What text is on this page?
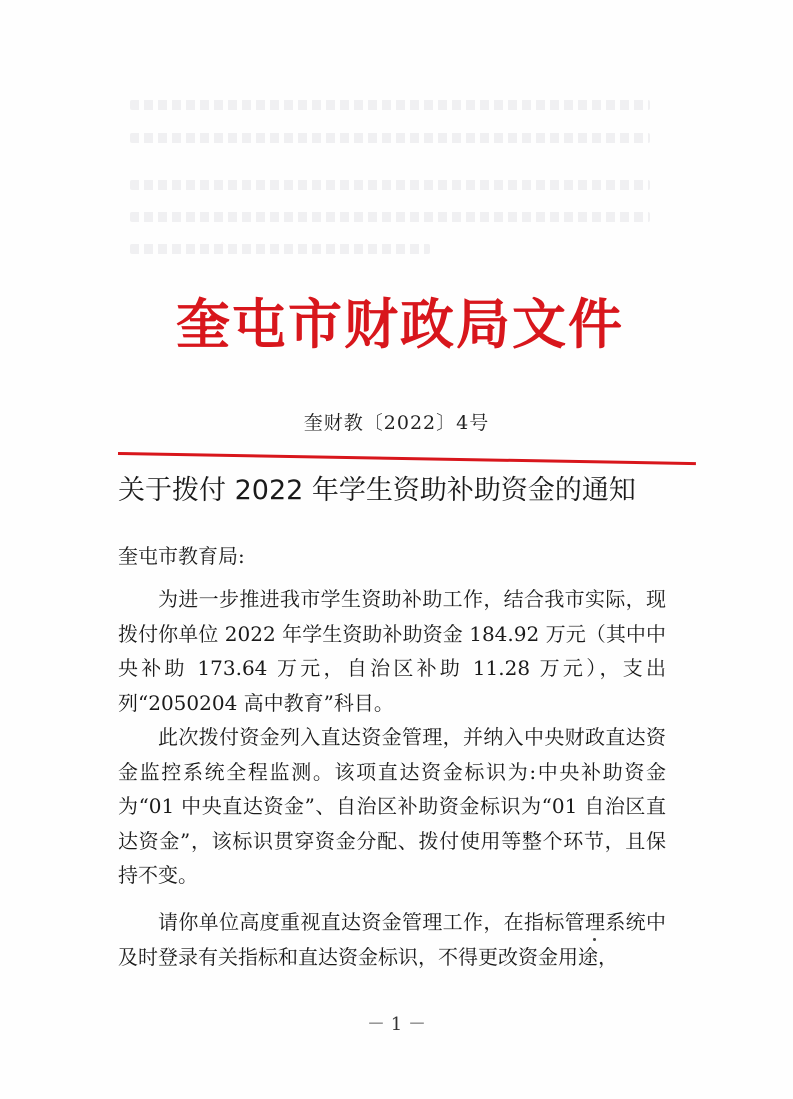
奎屯市财政局文件
奎财教〔2022〕4号
关于拨付 2022 年学生资助补助资金的通知
奎屯市教育局:

为进一步推进我市学生资助补助工作，结合我市实际，现拨付你单位 2022 年学生资助补助资金 184.92 万元（其中中央补助 173.64 万元，自治区补助 11.28 万元），支出列“2050204 高中教育”科目。

此次拨付资金列入直达资金管理，并纳入中央财政直达资金监控系统全程监测。该项直达资金标识为:中央补助资金为“01 中央直达资金”、自治区补助资金标识为“01 自治区直达资金”，该标识贯穿资金分配、拨付使用等整个环节，且保持不变。

请你单位高度重视直达资金管理工作，在指标管理系统中及时登录有关指标和直达资金标识，不得更改资金用途，

－ 1 －
